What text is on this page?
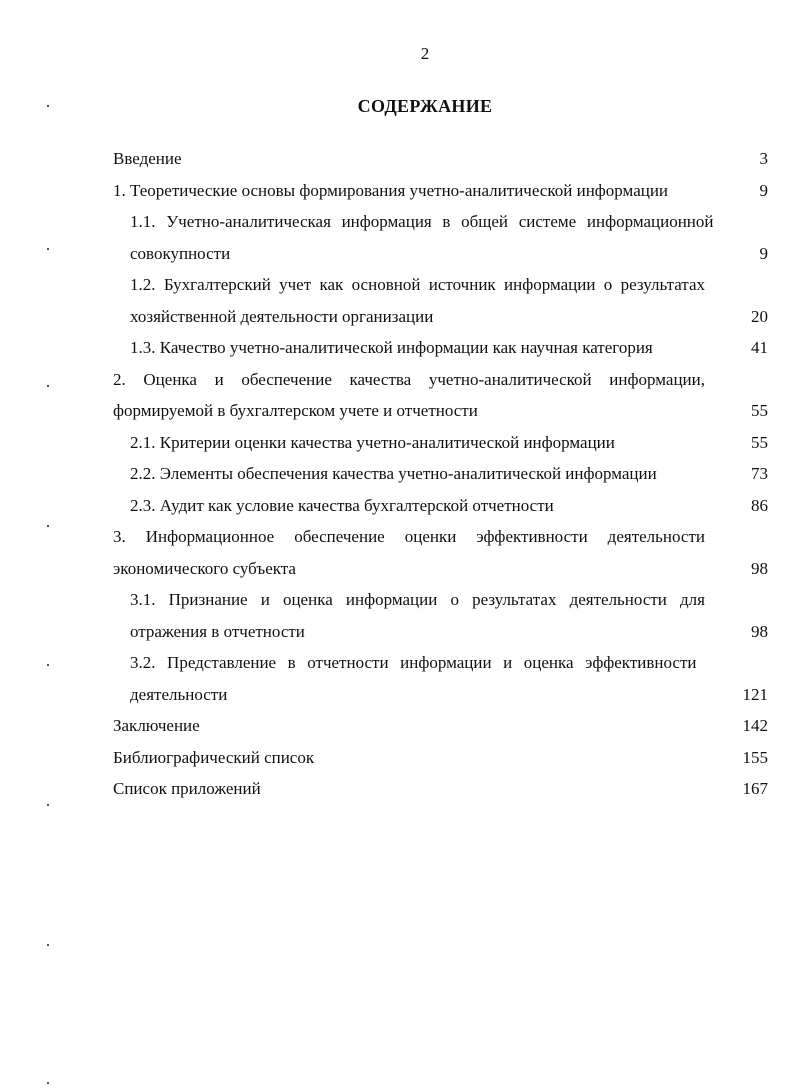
2
СОДЕРЖАНИЕ
Введение	3
1. Теоретические основы формирования учетно-аналитической информации	9
1.1. Учетно-аналитическая информация в общей системе информационной совокупности	9
1.2. Бухгалтерский учет как основной источник информации о результатах хозяйственной деятельности организации	20
1.3. Качество учетно-аналитической информации как научная категория	41
2. Оценка и обеспечение качества учетно-аналитической информации, формируемой в бухгалтерском учете и отчетности	55
2.1. Критерии оценки качества учетно-аналитической информации	55
2.2. Элементы обеспечения качества учетно-аналитической информации	73
2.3. Аудит как условие качества бухгалтерской отчетности	86
3. Информационное обеспечение оценки эффективности деятельности экономического субъекта	98
3.1. Признание и оценка информации о результатах деятельности для отражения в отчетности	98
3.2. Представление в отчетности информации и оценка эффективности деятельности	121
Заключение	142
Библиографический список	155
Список приложений	167
